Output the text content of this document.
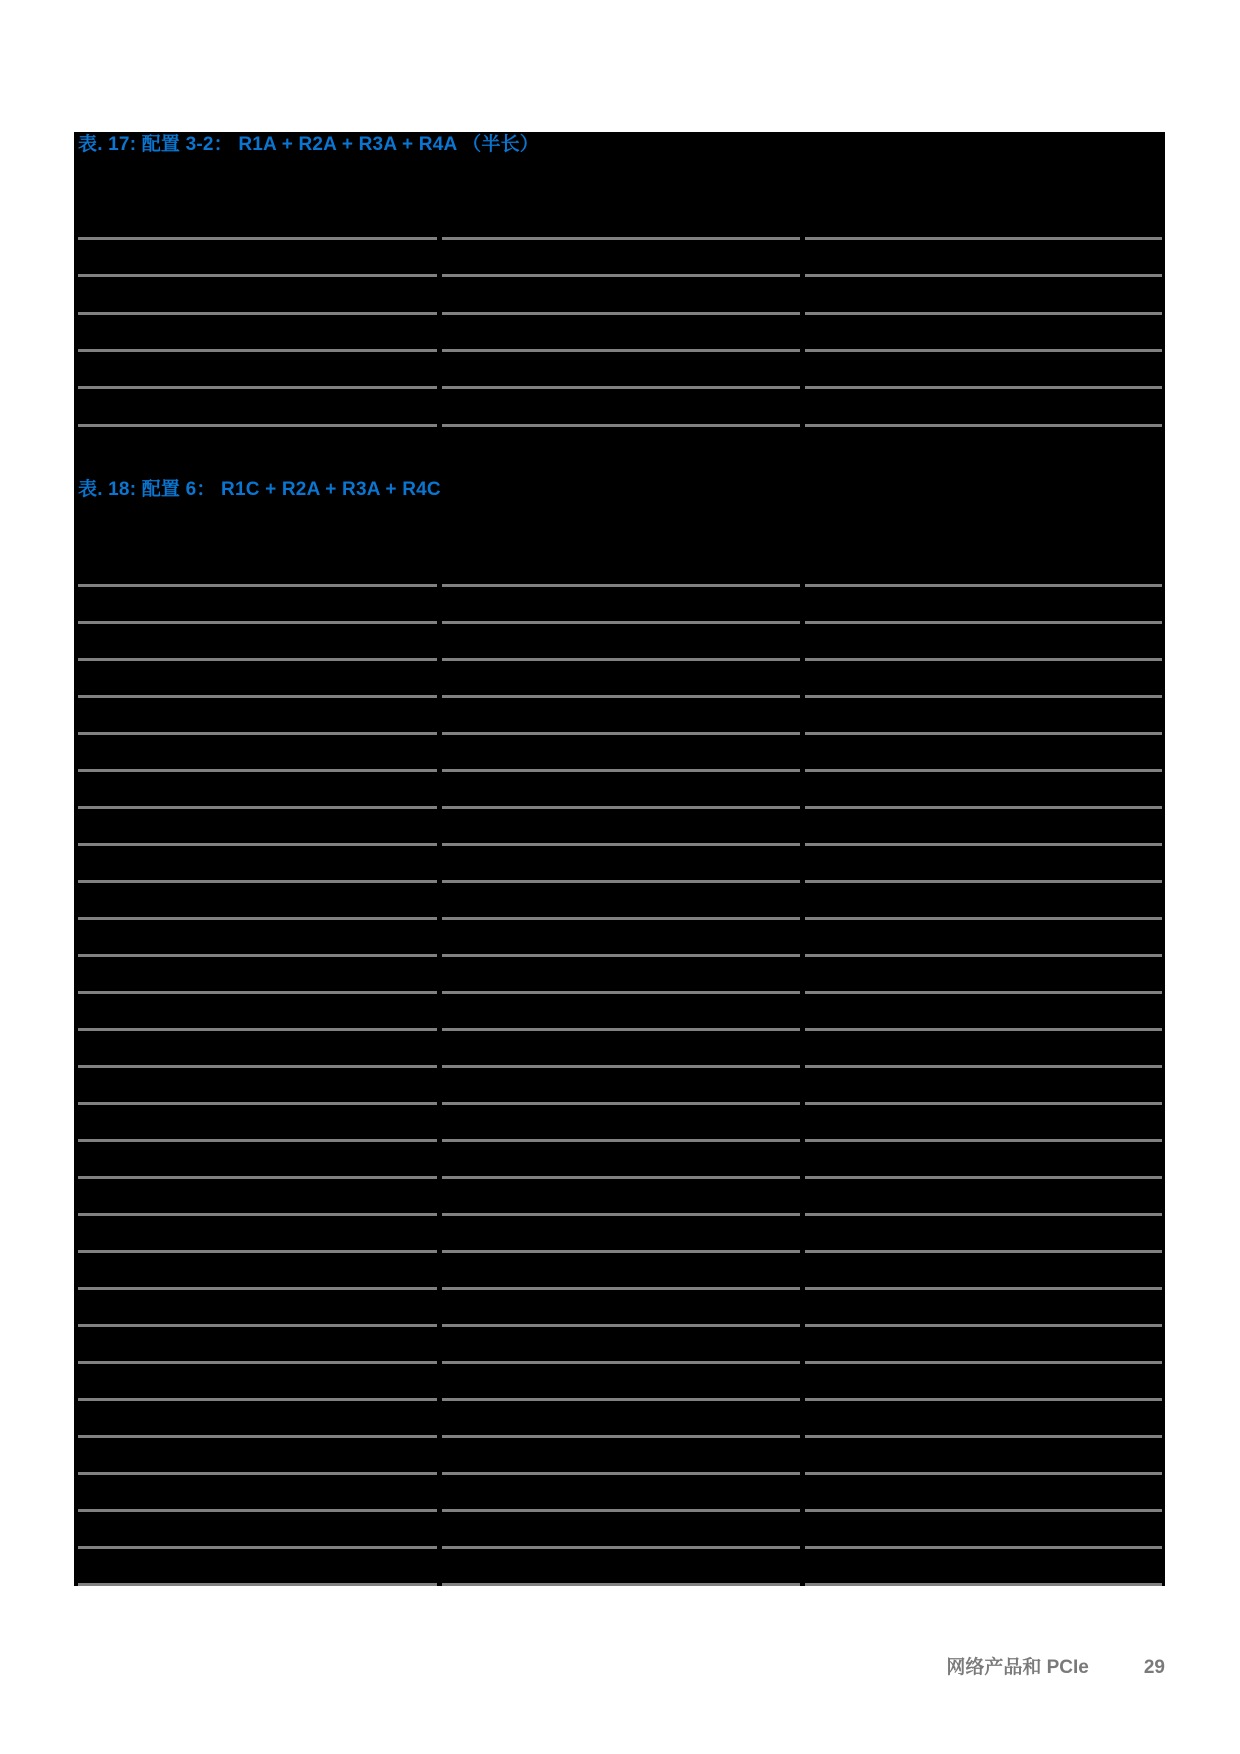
表. 17: 配置 3-2： R1A + R2A + R3A + R4A （半长）
表. 18: 配置 6： R1C + R2A + R3A + R4C
网络产品和 PCIe	29
